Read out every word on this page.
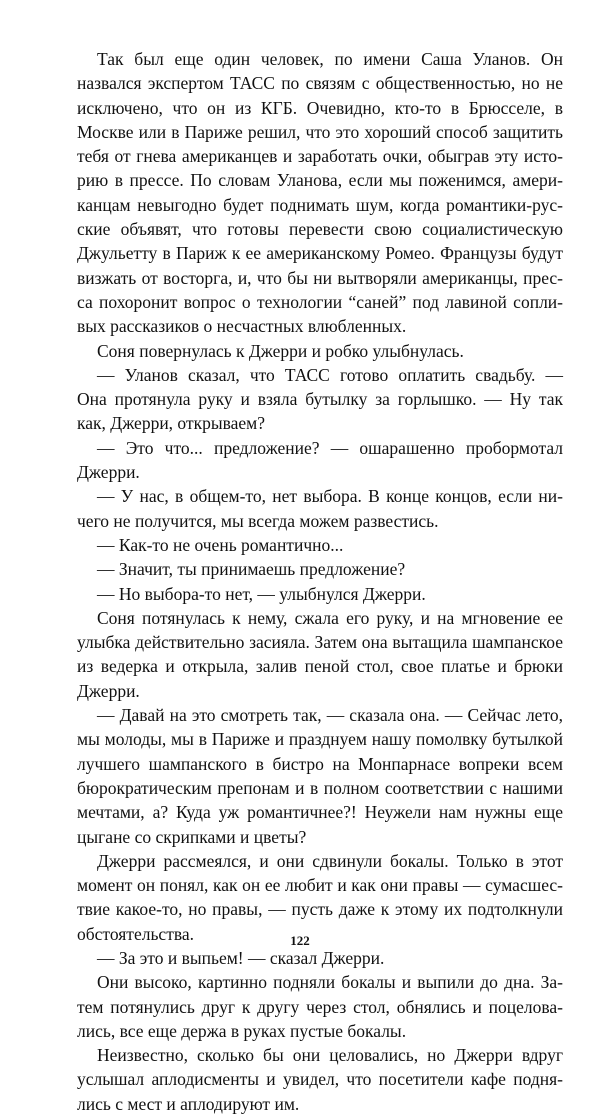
Так был еще один человек, по имени Саша Уланов. Он
назвался экспертом ТАСС по связям с общественностью, но не
исключено, что он из КГБ. Очевидно, кто-то в Брюсселе, в
Москве или в Париже решил, что это хороший способ защитить
тебя от гнева американцев и заработать очки, обыграв эту исто-
рию в прессе. По словам Уланова, если мы поженимся, амери-
канцам невыгодно будет поднимать шум, когда романтики-рус-
ские объявят, что готовы перевести свою социалистическую
Джульетту в Париж к ее американскому Ромео. Французы будут
визжать от восторга, и, что бы ни вытворяли американцы, прес-
са похоронит вопрос о технологии “саней” под лавиной сопли-
вых рассказиков о несчастных влюбленных.
Соня повернулась к Джерри и робко улыбнулась.
— Уланов сказал, что ТАСС готово оплатить свадьбу. —
Она протянула руку и взяла бутылку за горлышко. — Ну так
как, Джерри, открываем?
— Это что... предложение? — ошарашенно пробормотал
Джерри.
— У нас, в общем-то, нет выбора. В конце концов, если ни-
чего не получится, мы всегда можем развестись.
— Как-то не очень романтично...
— Значит, ты принимаешь предложение?
— Но выбора-то нет, — улыбнулся Джерри.
Соня потянулась к нему, сжала его руку, и на мгновение ее
улыбка действительно засияла. Затем она вытащила шампанское
из ведерка и открыла, залив пеной стол, свое платье и брюки
Джерри.
— Давай на это смотреть так, — сказала она. — Сейчас лето,
мы молоды, мы в Париже и празднуем нашу помолвку бутылкой
лучшего шампанского в бистро на Монпарнасе вопреки всем
бюрократическим препонам и в полном соответствии с нашими
мечтами, а? Куда уж романтичнее?! Неужели нам нужны еще
цыгане со скрипками и цветы?
Джерри рассмеялся, и они сдвинули бокалы. Только в этот
момент он понял, как он ее любит и как они правы — сумасшес-
твие какое-то, но правы, — пусть даже к этому их подтолкнули
обстоятельства.
— За это и выпьем! — сказал Джерри.
Они высоко, картинно подняли бокалы и выпили до дна. За-
тем потянулись друг к другу через стол, обнялись и поцелова-
лись, все еще держа в руках пустые бокалы.
Неизвестно, сколько бы они целовались, но Джерри вдруг
услышал аплодисменты и увидел, что посетители кафе подня-
лись с мест и аплодируют им.
122
